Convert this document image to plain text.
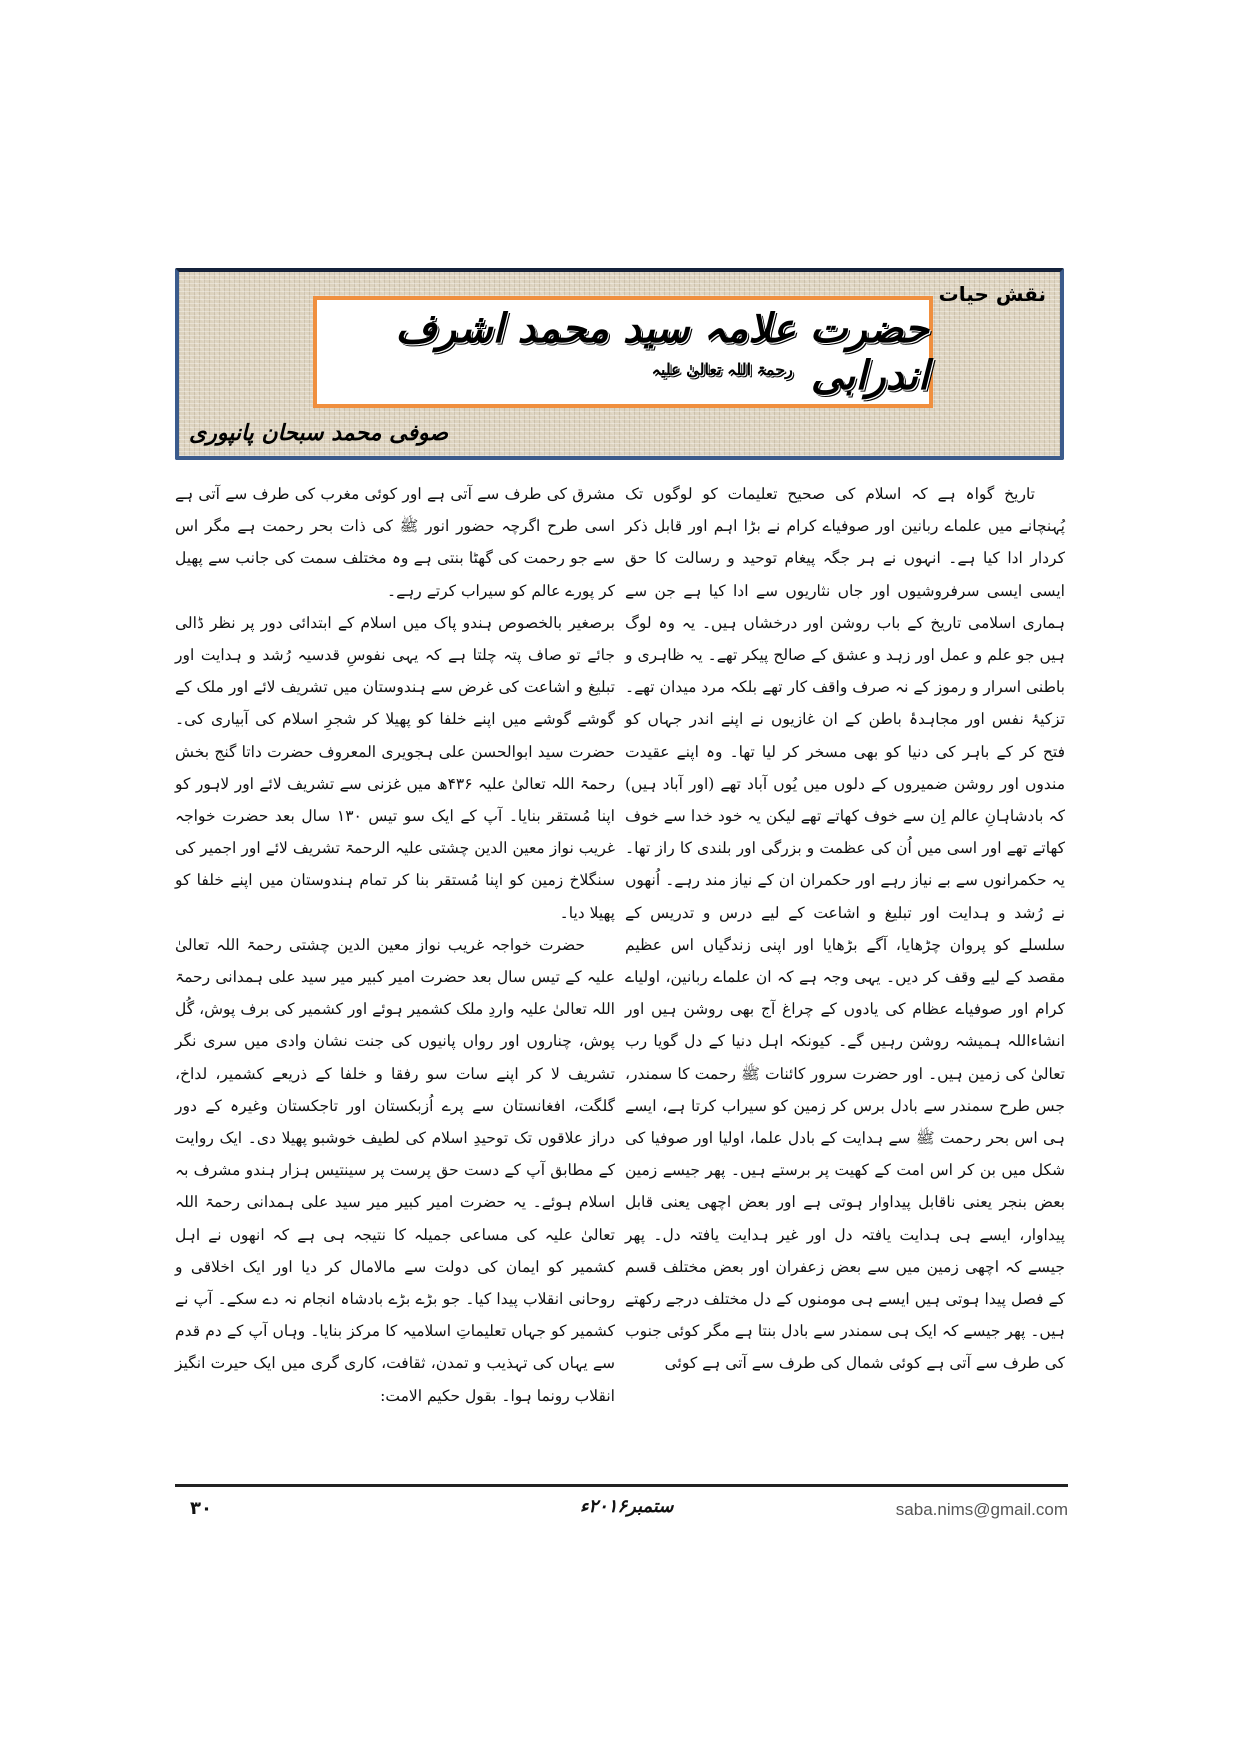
نقش حیات
حضرت علامہ سید محمد اشرف اندرابی $^{رحمۃ اللہ تعالیٰ علیہ}$
صوفی محمد سبحان پانپوری

تاریخ گواہ ہے کہ اسلام کی صحیح تعلیمات کو لوگوں تک پُہنچانے میں علماے ربانین اور صوفیاے کرام نے بڑا اہم اور قابل ذکر کردار ادا کیا ہے۔ انہوں نے ہر جگہ پیغام توحید و رسالت کا حق ایسی ایسی سرفروشیوں اور جاں نثاریوں سے ادا کیا ہے جن سے ہماری اسلامی تاریخ کے باب روشن اور درخشاں ہیں۔ یہ وہ لوگ ہیں جو علم و عمل اور زہد و عشق کے صالح پیکر تھے۔ یہ ظاہری و باطنی اسرار و رموز کے نہ صرف واقف کار تھے بلکہ مرد میدان تھے۔ تزکیۂ نفس اور مجاہدۂ باطن کے ان غازیوں نے اپنے اندر جہاں کو فتح کر کے باہر کی دنیا کو بھی مسخر کر لیا تھا۔ وہ اپنے عقیدت مندوں اور روشن ضمیروں کے دلوں میں یُوں آباد تھے (اور آباد ہیں) کہ بادشاہانِ عالم اِن سے خوف کھاتے تھے لیکن یہ خود خدا سے خوف کھاتے تھے اور اسی میں اُن کی عظمت و بزرگی اور بلندی کا راز تھا۔ یہ حکمرانوں سے بے نیاز رہے اور حکمران ان کے نیاز مند رہے۔ اُنھوں نے رُشد و ہدایت اور تبلیغ و اشاعت کے لیے درس و تدریس کے سلسلے کو پروان چڑھایا، آگے بڑھایا اور اپنی زندگیاں اس عظیم مقصد کے لیے وقف کر دیں۔ یہی وجہ ہے کہ ان علماے ربانین، اولیاے کرام اور صوفیاے عظام کی یادوں کے چراغ آج بھی روشن ہیں اور انشاءاللہ ہمیشہ روشن رہیں گے۔ کیونکہ اہل دنیا کے دل گویا رب تعالیٰ کی زمین ہیں۔ اور حضرت سرور کائنات ﷺ رحمت کا سمندر، جس طرح سمندر سے بادل برس کر زمین کو سیراب کرتا ہے، ایسے ہی اس بحر رحمت ﷺ سے ہدایت کے بادل علما، اولیا اور صوفیا کی شکل میں بن کر اس امت کے کھیت پر برستے ہیں۔ پھر جیسے زمین بعض بنجر یعنی ناقابل پیداوار ہوتی ہے اور بعض اچھی یعنی قابل پیداوار، ایسے ہی ہدایت یافتہ دل اور غیر ہدایت یافتہ دل۔ پھر جیسے کہ اچھی زمین میں سے بعض زعفران اور بعض مختلف قسم کے فصل پیدا ہوتی ہیں ایسے ہی مومنوں کے دل مختلف درجے رکھتے ہیں۔ پھر جیسے کہ ایک ہی سمندر سے بادل بنتا ہے مگر کوئی جنوب کی طرف سے آتی ہے کوئی شمال کی طرف سے آتی ہے کوئی

مشرق کی طرف سے آتی ہے اور کوئی مغرب کی طرف سے آتی ہے اسی طرح اگرچہ حضور انور ﷺ کی ذات بحر رحمت ہے مگر اس سے جو رحمت کی گھٹا بنتی ہے وہ مختلف سمت کی جانب سے پھیل کر پورے عالم کو سیراب کرتے رہے۔

برصغیر بالخصوص ہندو پاک میں اسلام کے ابتدائی دور پر نظر ڈالی جائے تو صاف پتہ چلتا ہے کہ یہی نفوسِ قدسیہ رُشد و ہدایت اور تبلیغ و اشاعت کی غرض سے ہندوستان میں تشریف لائے اور ملک کے گوشے گوشے میں اپنے خلفا کو پھیلا کر شجرِ اسلام کی آبیاری کی۔ حضرت سید ابوالحسن علی ہجویری المعروف حضرت داتا گنج بخش رحمۃ اللہ تعالیٰ علیہ ۴۳۶ھ میں غزنی سے تشریف لائے اور لاہور کو اپنا مُستقر بنایا۔ آپ کے ایک سو تیس ۱۳۰ سال بعد حضرت خواجہ غریب نواز معین الدین چشتی علیہ الرحمۃ تشریف لائے اور اجمیر کی سنگلاخ زمین کو اپنا مُستقر بنا کر تمام ہندوستان میں اپنے خلفا کو پھیلا دیا۔

حضرت خواجہ غریب نواز معین الدین چشتی رحمۃ اللہ تعالیٰ علیہ کے تیس سال بعد حضرت امیر کبیر میر سید علی ہمدانی رحمۃ اللہ تعالیٰ علیہ واردِ ملک کشمیر ہوئے اور کشمیر کی برف پوش، گُل پوش، چناروں اور رواں پانیوں کی جنت نشان وادی میں سری نگر تشریف لا کر اپنے سات سو رفقا و خلفا کے ذریعے کشمیر، لداخ، گلگت، افغانستان سے پرے اُزبکستان اور تاجکستان وغیرہ کے دور دراز علاقوں تک توحیدِ اسلام کی لطیف خوشبو پھیلا دی۔ ایک روایت کے مطابق آپ کے دست حق پرست پر سینتیس ہزار ہندو مشرف بہ اسلام ہوئے۔ یہ حضرت امیر کبیر میر سید علی ہمدانی رحمۃ اللہ تعالیٰ علیہ کی مساعی جمیلہ کا نتیجہ ہی ہے کہ انھوں نے اہل کشمیر کو ایمان کی دولت سے مالامال کر دیا اور ایک اخلاقی و روحانی انقلاب پیدا کیا۔ جو بڑے بڑے بادشاہ انجام نہ دے سکے۔ آپ نے کشمیر کو جہاں تعلیماتِ اسلامیہ کا مرکز بنایا۔ وہاں آپ کے دم قدم سے یہاں کی تہذیب و تمدن، ثقافت، کاری گری میں ایک حیرت انگیز انقلاب رونما ہوا۔ بقول حکیم الامت:

۳۰	ستمبر۲۰۱۶ء	saba.nims@gmail.com
